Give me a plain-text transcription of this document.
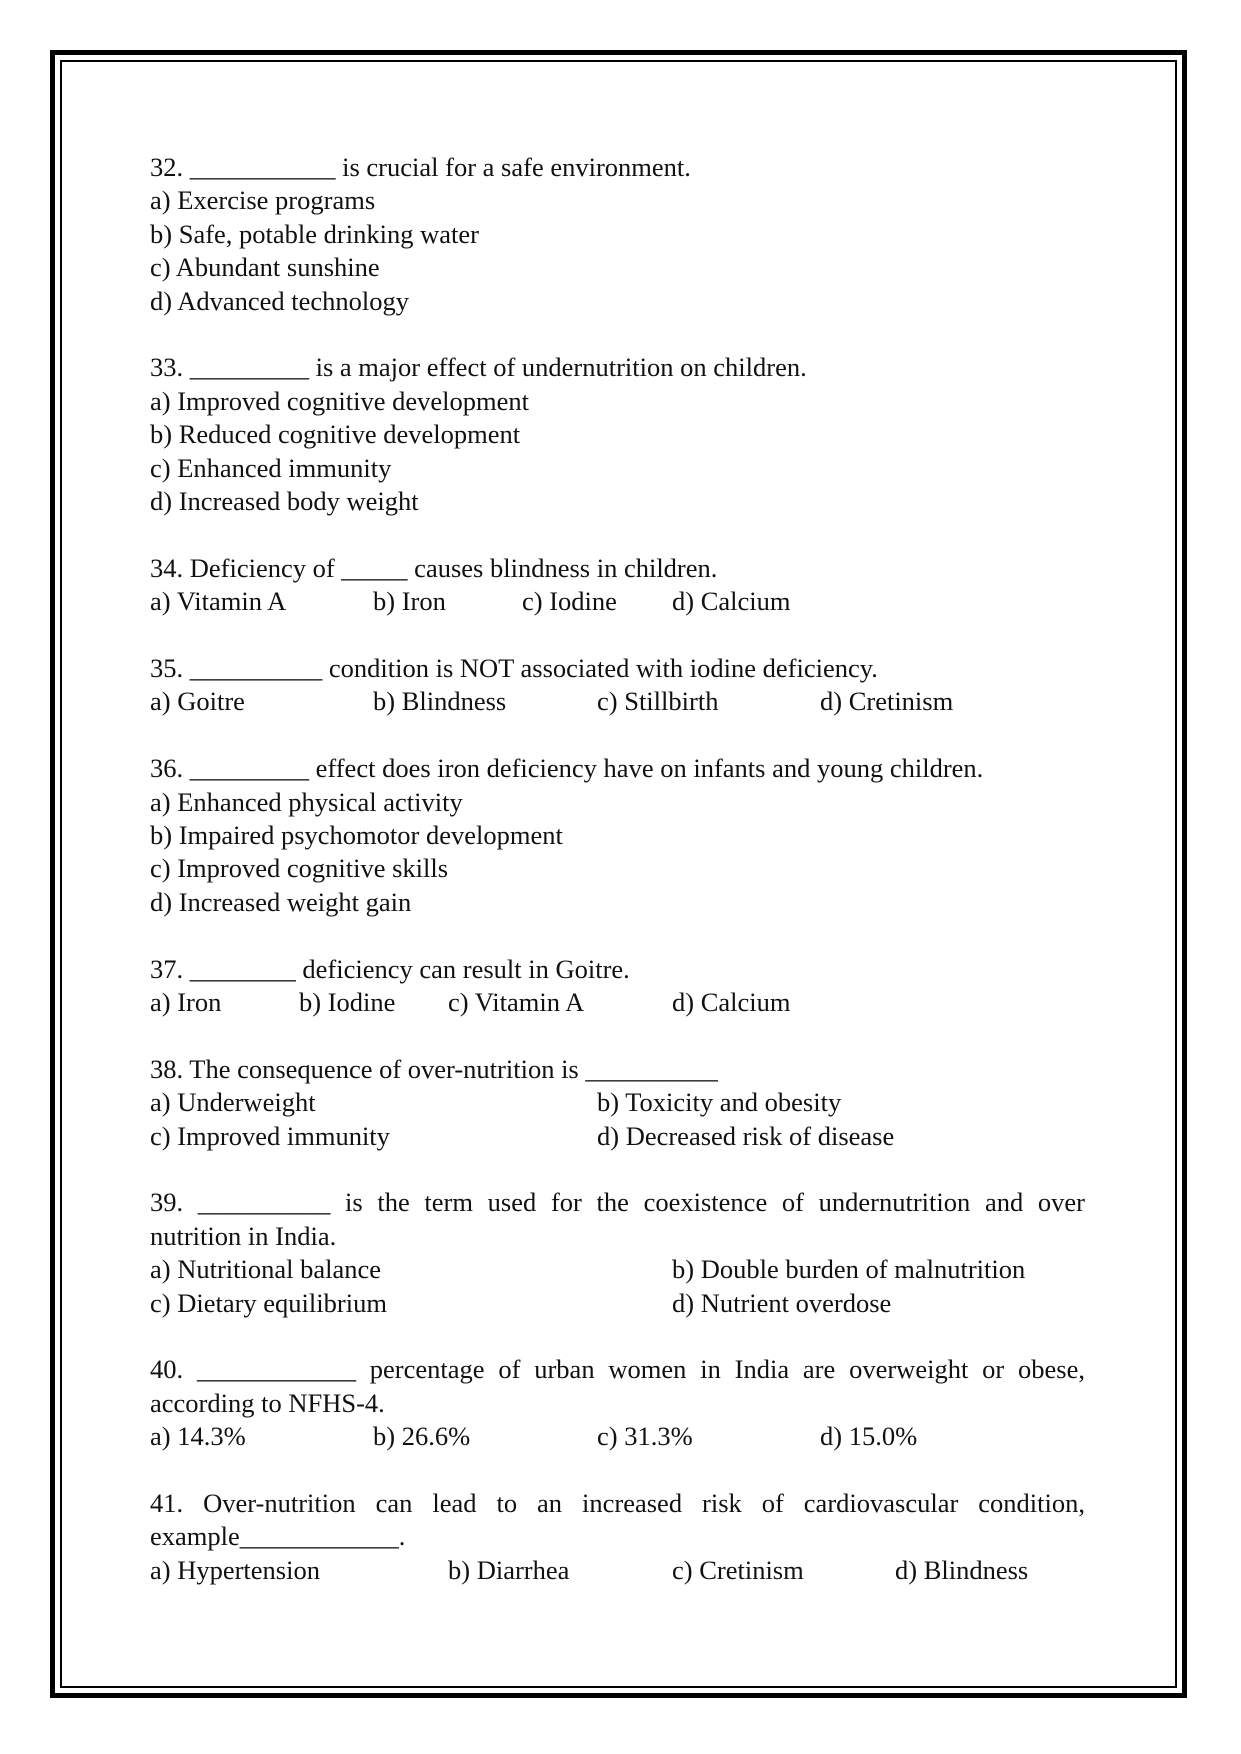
32. ___________ is crucial for a safe environment.
a) Exercise programs
b) Safe, potable drinking water
c) Abundant sunshine
d) Advanced technology
33. _________ is a major effect of undernutrition on children.
a) Improved cognitive development
b) Reduced cognitive development
c) Enhanced immunity
d) Increased body weight
34. Deficiency of _____ causes blindness in children.
a) Vitamin A	b) Iron	c) Iodine d) Calcium
35. __________ condition is NOT associated with iodine deficiency.
a) Goitre	b) Blindness	c) Stillbirth	d) Cretinism
36. _________ effect does iron deficiency have on infants and young children.
a) Enhanced physical activity
b) Impaired psychomotor development
c) Improved cognitive skills
d) Increased weight gain
37. ________ deficiency can result in Goitre.
a) Iron	b) Iodine c) Vitamin A	d) Calcium
38. The consequence of over-nutrition is __________
a) Underweight	b) Toxicity and obesity
c) Improved immunity	d) Decreased risk of disease
39. __________ is the term used for the coexistence of undernutrition and over nutrition in India.
a) Nutritional balance	b) Double burden of malnutrition
c) Dietary equilibrium	d) Nutrient overdose
40. ____________ percentage of urban women in India are overweight or obese, according to NFHS-4.
a) 14.3%	b) 26.6%	c) 31.3%	d) 15.0%
41. Over-nutrition can lead to an increased risk of cardiovascular condition, example____________.
a) Hypertension	b) Diarrhea	c) Cretinism	d) Blindness
